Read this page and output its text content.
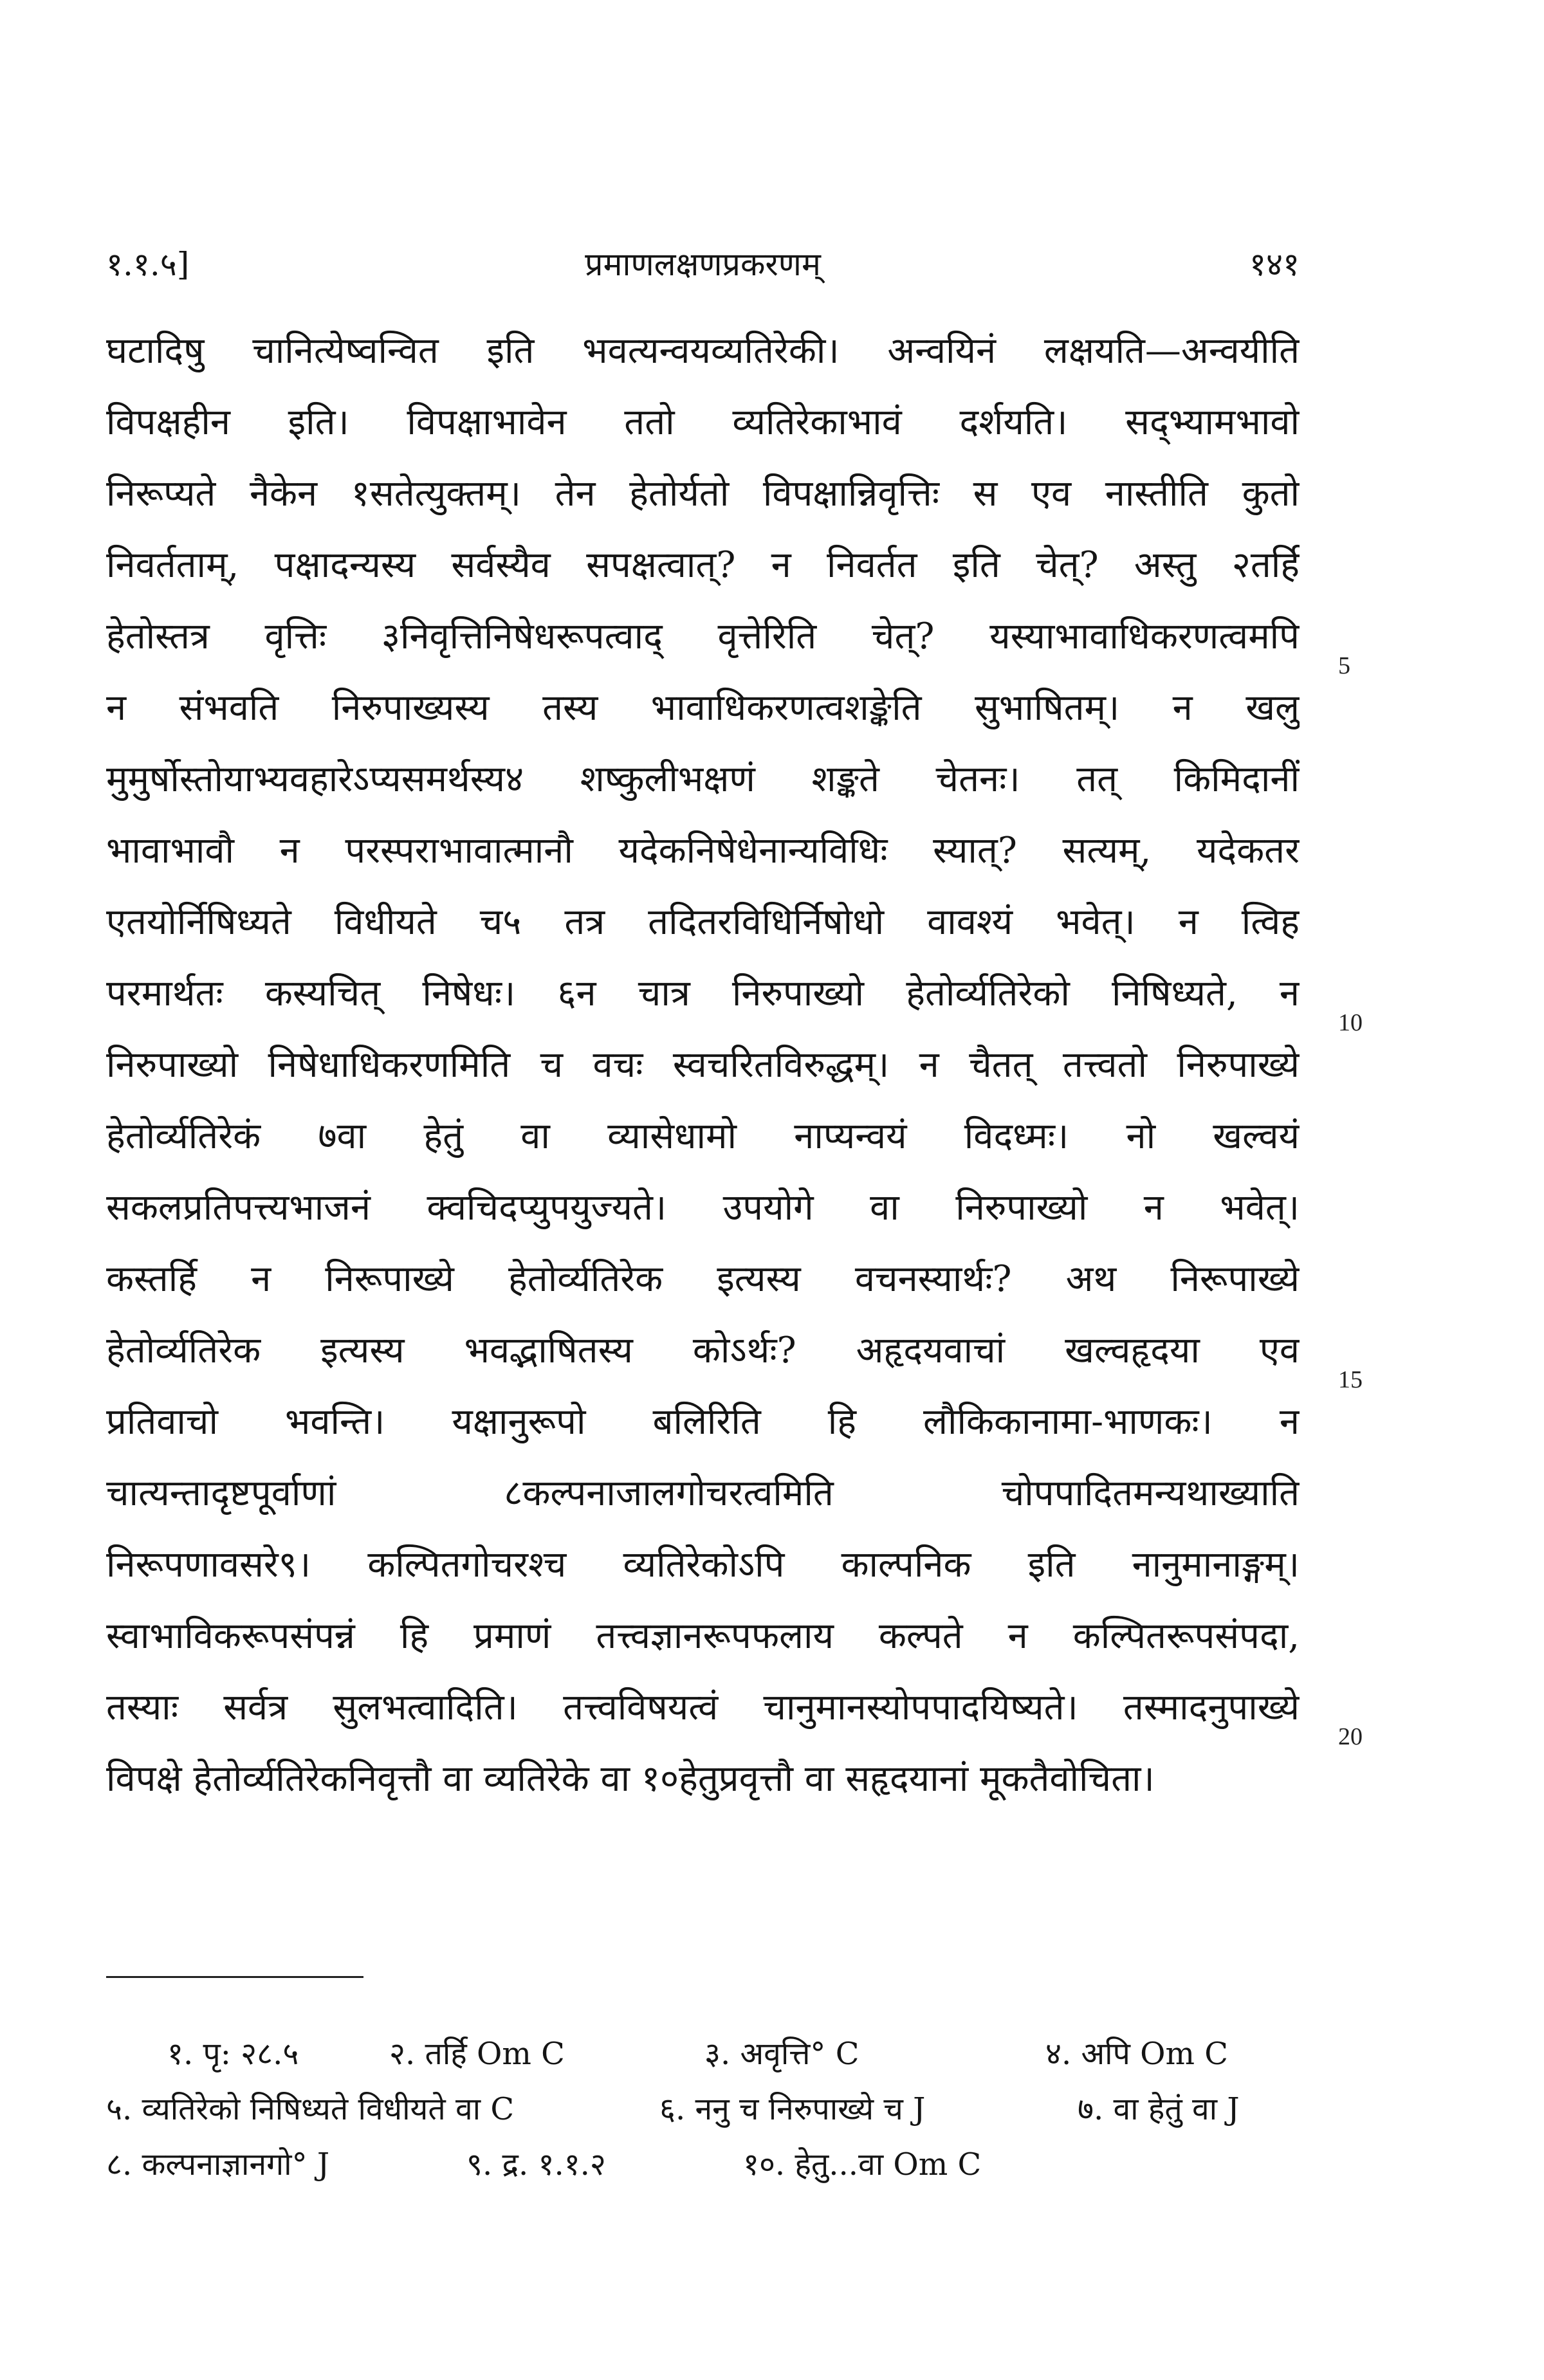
१.१.५]	प्रमाणलक्षणप्रकरणम्	१४१
घटादिषु चानित्येष्वन्वित इति भवत्यन्वयव्यतिरेकी। अन्वयिनं लक्षयति—अन्वयीति
विपक्षहीन इति। विपक्षाभावेन ततो व्यतिरेकाभावं दर्शयति। सद्भ्यामभावो
निरूप्यते नैकेन १सतेत्युक्तम्। तेन हेतोर्यतो विपक्षान्निवृत्तिः स एव नास्तीति कुतो
निवर्तताम्, पक्षादन्यस्य सर्वस्यैव सपक्षत्वात्? न निवर्तत इति चेत्? अस्तु २तर्हि
हेतोस्तत्र वृत्तिः ३निवृत्तिनिषेधरूपत्वाद् वृत्तेरिति चेत्? यस्याभावाधिकरणत्वमपि
न संभवति निरुपाख्यस्य तस्य भावाधिकरणत्वशङ्केति सुभाषितम्। न खलु
मुमुर्षोस्तोयाभ्यवहारेऽप्यसमर्थस्य४ शष्कुलीभक्षणं शङ्कते चेतनः। तत् किमिदानीं
भावाभावौ न परस्पराभावात्मानौ यदेकनिषेधेनान्यविधिः स्यात्? सत्यम्, यदेकतर
एतयोर्निषिध्यते विधीयते च५ तत्र तदितरविधिर्निषोधो वावश्यं भवेत्। न त्विह
परमार्थतः कस्यचित् निषेधः। ६न चात्र निरुपाख्यो हेतोर्व्यतिरेको निषिध्यते, न
निरुपाख्यो निषेधाधिकरणमिति च वचः स्वचरितविरुद्धम्। न चैतत् तत्त्वतो निरुपाख्ये
हेतोर्व्यतिरेकं ७वा हेतुं वा व्यासेधामो नाप्यन्वयं विदध्मः। नो खल्वयं
सकलप्रतिपत्त्यभाजनं क्वचिदप्युपयुज्यते। उपयोगे वा निरुपाख्यो न भवेत्।
कस्तर्हि न निरूपाख्ये हेतोर्व्यतिरेक इत्यस्य वचनस्यार्थः? अथ निरूपाख्ये
हेतोर्व्यतिरेक इत्यस्य भवद्भाषितस्य कोऽर्थः? अहृदयवाचां खल्वहृदया एव
प्रतिवाचो भवन्ति। यक्षानुरूपो बलिरिति हि लौकिकानामा-भाणकः। न
चात्यन्तादृष्टपूर्वाणां ८कल्पनाजालगोचरत्वमिति चोपपादितमन्यथाख्याति
निरूपणावसरे९। कल्पितगोचरश्च व्यतिरेकोऽपि काल्पनिक इति नानुमानाङ्गम्।
स्वाभाविकरूपसंपन्नं हि प्रमाणं तत्त्वज्ञानरूपफलाय कल्पते न कल्पितरूपसंपदा,
तस्याः सर्वत्र सुलभत्वादिति। तत्त्वविषयत्वं चानुमानस्योपपादयिष्यते। तस्मादनुपाख्ये
विपक्षे हेतोर्व्यतिरेकनिवृत्तौ वा व्यतिरेके वा १०हेतुप्रवृत्तौ वा सहृदयानां मूकतैवोचिता।
5
10
15
20
१. पृ: २८.५	२. तर्हि Om C	३. अवृत्ति° C	४. अपि Om C
५. व्यतिरेको निषिध्यते विधीयते वा C	६. ननु च निरुपाख्ये च J	७. वा हेतुं वा J
८. कल्पनाज्ञानगो° J	९. द्र. १.१.२	१०. हेतु...वा Om C
